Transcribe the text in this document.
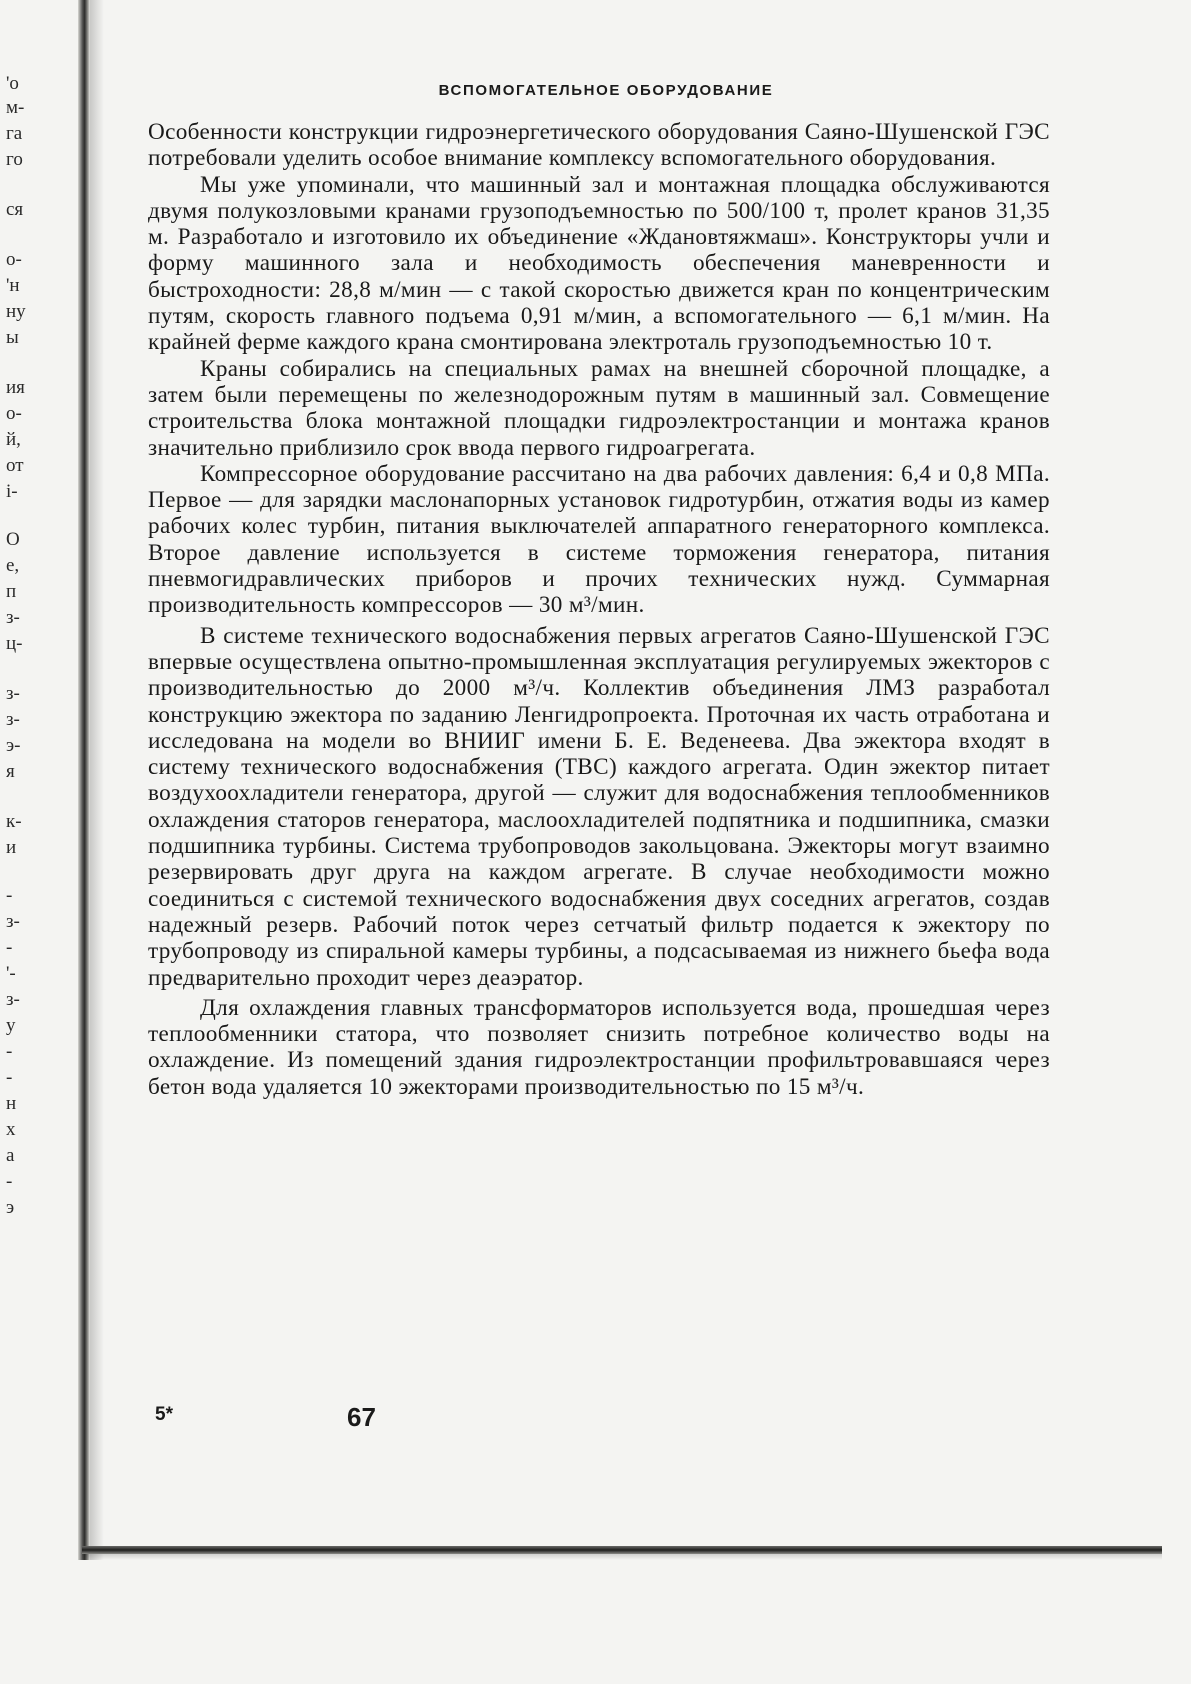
'о
м-
га
го
ся
о-
'н
ну
ы
ия
о-
й,
от
і-
О
е,
п
з-
ц-
з-
з-
э-
я
к-
и
-
з-
-
'-
з-
у
-
-
н
х
а
-
э
ВСПОМОГАТЕЛЬНОЕ ОБОРУДОВАНИЕ

Особенности конструкции гидроэнергетического оборудования Саяно-Шушенской ГЭС потребовали уделить особое внимание комплексу вспомогательного оборудования.

Мы уже упоминали, что машинный зал и монтажная площадка обслуживаются двумя полукозловыми кранами грузоподъемностью по 500/100 т, пролет кранов 31,35 м. Разработало и изготовило их объединение «Ждановтяжмаш». Конструкторы учли и форму машинного зала и необходимость обеспечения маневренности и быстроходности: 28,8 м/мин — с такой скоростью движется кран по концентрическим путям, скорость главного подъема 0,91 м/мин, а вспомогательного — 6,1 м/мин. На крайней ферме каждого крана смонтирована электроталь грузоподъемностью 10 т.

Краны собирались на специальных рамах на внешней сборочной площадке, а затем были перемещены по железнодорожным путям в машинный зал. Совмещение строительства блока монтажной площадки гидроэлектростанции и монтажа кранов значительно приблизило срок ввода первого гидроагрегата.

Компрессорное оборудование рассчитано на два рабочих давления: 6,4 и 0,8 МПа. Первое — для зарядки маслонапорных установок гидротурбин, отжатия воды из камер рабочих колес турбин, питания выключателей аппаратного генераторного комплекса. Второе давление используется в системе торможения генератора, питания пневмогидравлических приборов и прочих технических нужд. Суммарная производительность компрессоров — 30 м³/мин.

В системе технического водоснабжения первых агрегатов Саяно-Шушенской ГЭС впервые осуществлена опытно-промышленная эксплуатация регулируемых эжекторов с производительностью до 2000 м³/ч. Коллектив объединения ЛМЗ разработал конструкцию эжектора по заданию Ленгидропроекта. Проточная их часть отработана и исследована на модели во ВНИИГ имени Б. Е. Веденеева. Два эжектора входят в систему технического водоснабжения (ТВС) каждого агрегата. Один эжектор питает воздухоохладители генератора, другой — служит для водоснабжения теплообменников охлаждения статоров генератора, маслоохладителей подпятника и подшипника, смазки подшипника турбины. Система трубопроводов закольцована. Эжекторы могут взаимно резервировать друг друга на каждом агрегате. В случае необходимости можно соединиться с системой технического водоснабжения двух соседних агрегатов, создав надежный резерв. Рабочий поток через сетчатый фильтр подается к эжектору по трубопроводу из спиральной камеры турбины, а подсасываемая из нижнего бьефа вода предварительно проходит через деаэратор.

Для охлаждения главных трансформаторов используется вода, прошедшая через теплообменники статора, что позволяет снизить потребное количество воды на охлаждение. Из помещений здания гидроэлектростанции профильтровавшаяся через бетон вода удаляется 10 эжекторами производительностью по 15 м³/ч.

5*	67
